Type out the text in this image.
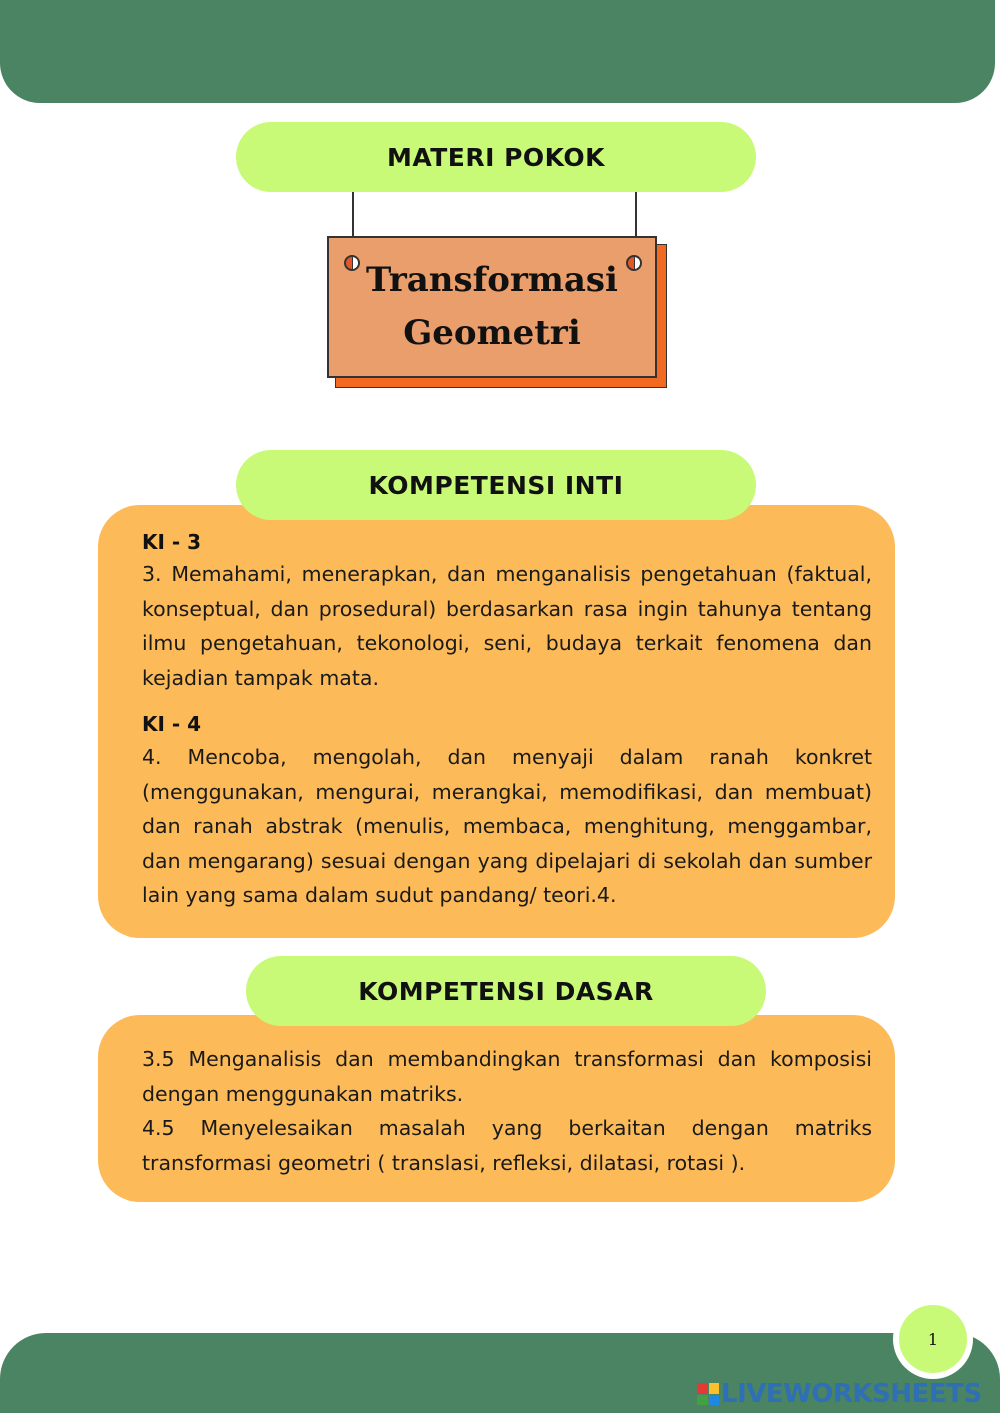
MATERI POKOK
Transformasi
Geometri
KOMPETENSI INTI
KI - 3
3. Memahami, menerapkan, dan menganalisis pengetahuan (faktual, konseptual, dan prosedural) berdasarkan rasa ingin tahunya tentang ilmu pengetahuan, tekonologi, seni, budaya terkait fenomena dan kejadian tampak mata.
KI - 4
4. Mencoba, mengolah, dan menyaji dalam ranah konkret (menggunakan, mengurai, merangkai, memodifikasi, dan membuat) dan ranah abstrak (menulis, membaca, menghitung, menggambar, dan mengarang) sesuai dengan yang dipelajari di sekolah dan sumber lain yang sama dalam sudut pandang/ teori.4.
KOMPETENSI DASAR
3.5 Menganalisis dan membandingkan transformasi dan komposisi dengan menggunakan matriks.
4.5 Menyelesaikan masalah yang berkaitan dengan matriks transformasi geometri ( translasi, refleksi, dilatasi, rotasi ).
1
LIVEWORKSHEETS
